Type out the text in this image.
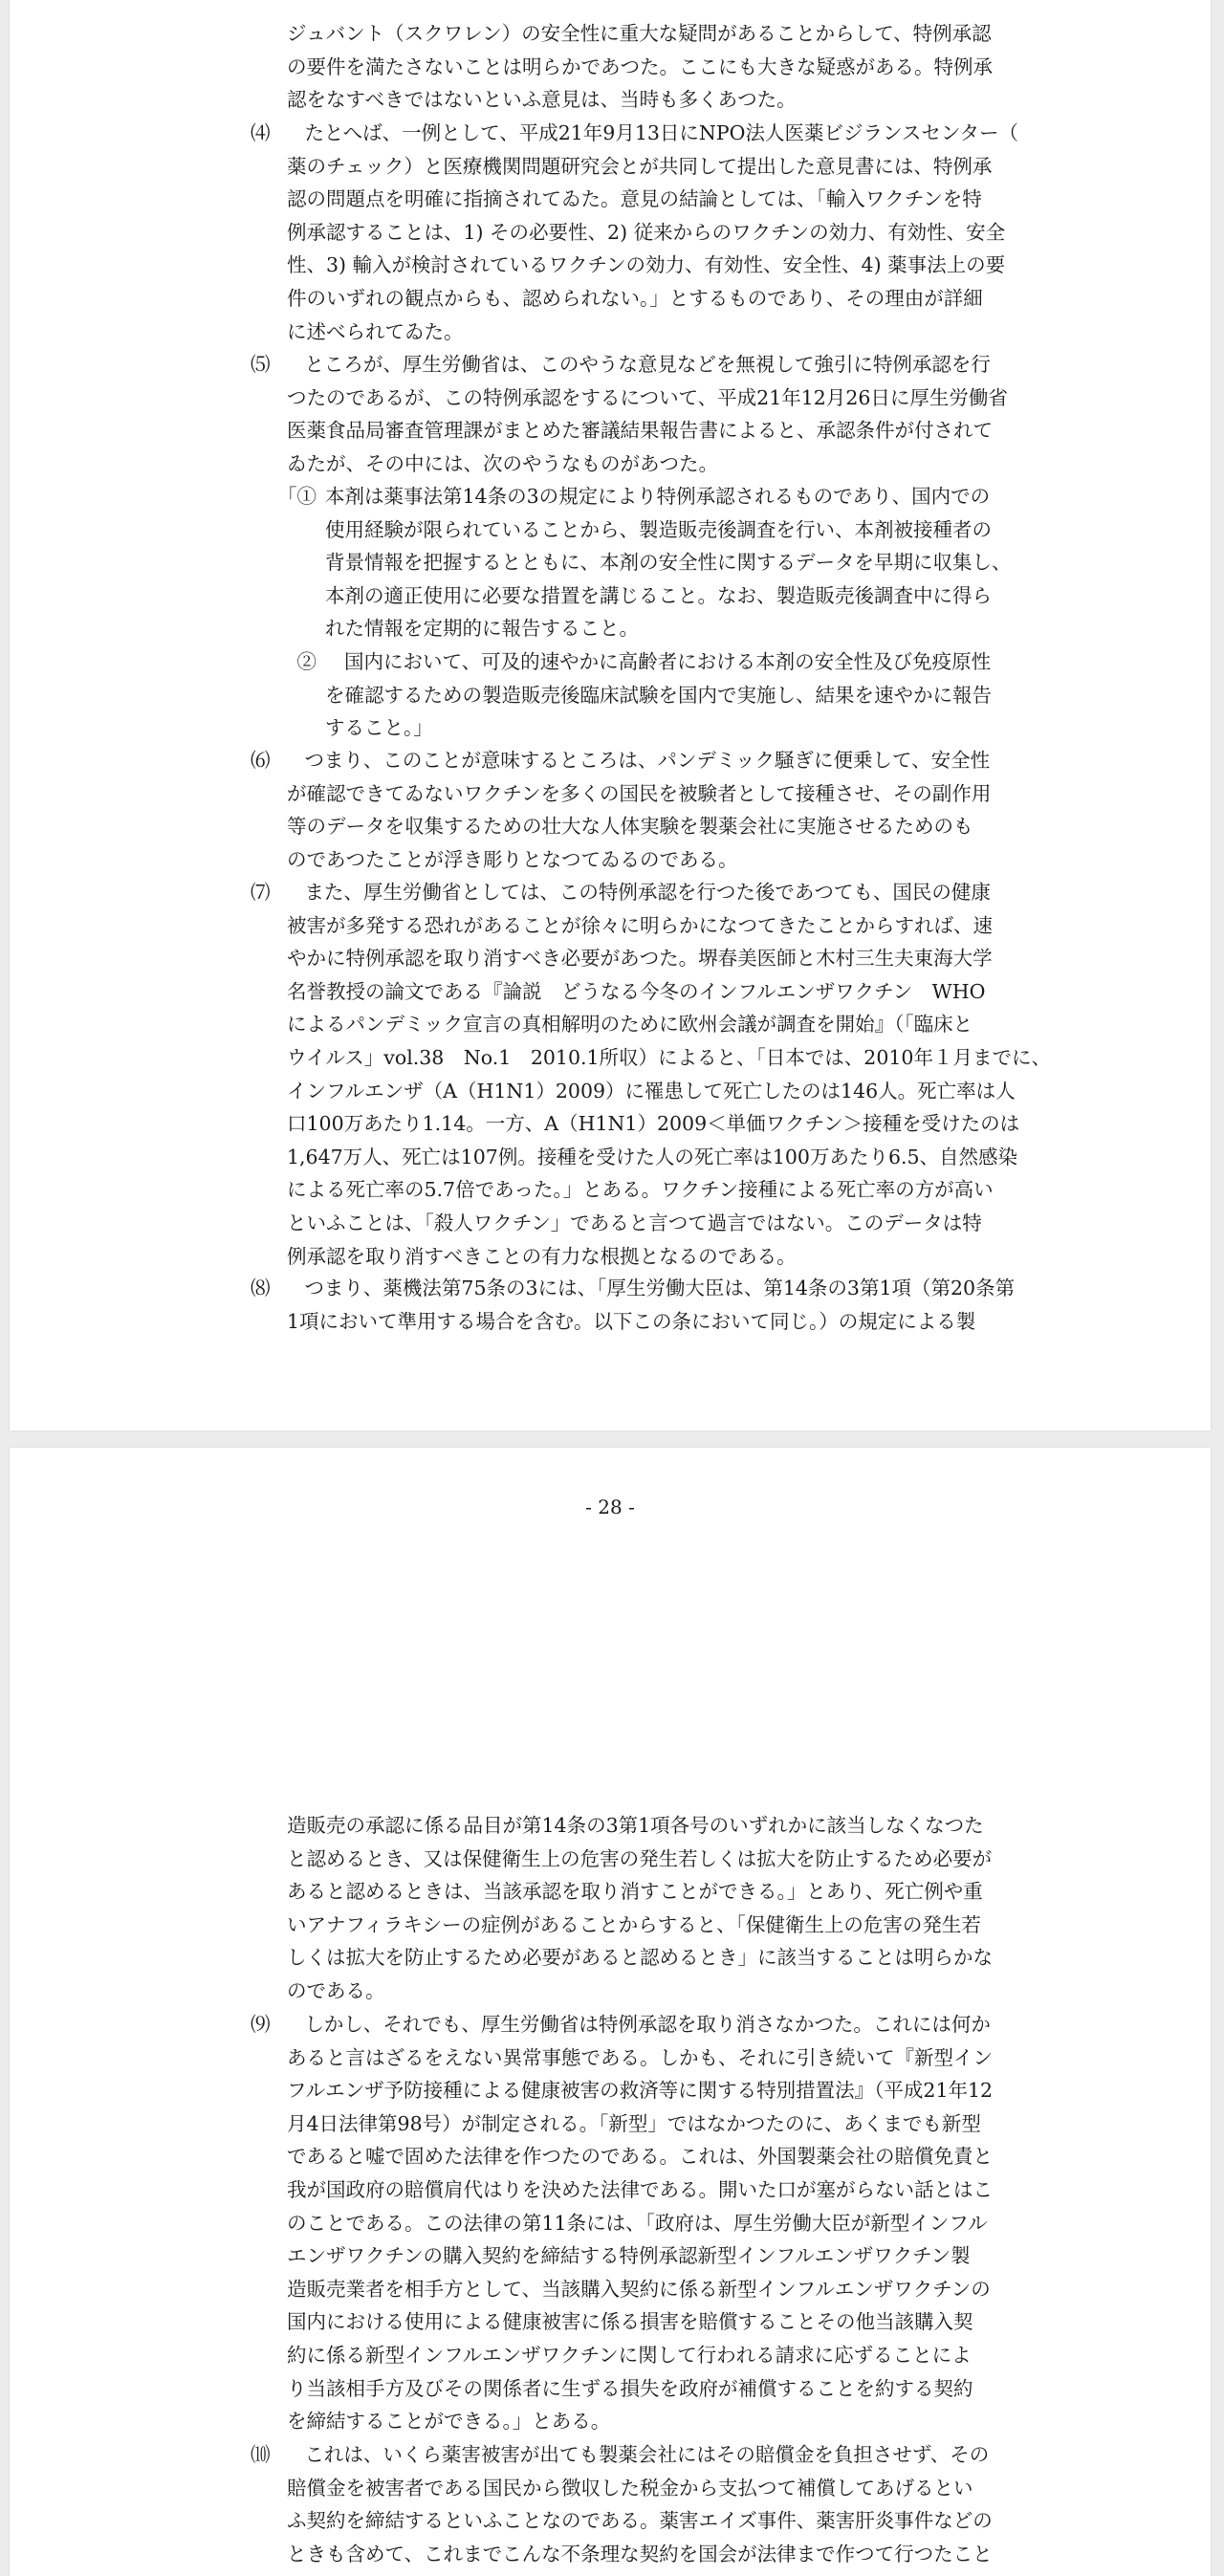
ジュバント（スクワレン）の安全性に重大な疑問があることからして、特例承認
の要件を満たさないことは明らかであつた。ここにも大きな疑惑がある。特例承
認をなすべきではないといふ意見は、当時も多くあつた。
⑷	たとへば、一例として、平成21年9月13日にNPO法人医薬ビジランスセンター（
薬のチェック）と医療機関問題研究会とが共同して提出した意見書には、特例承
認の問題点を明確に指摘されてゐた。意見の結論としては、「輸入ワクチンを特
例承認することは、1) その必要性、2) 従来からのワクチンの効力、有効性、安全
性、3) 輸入が検討されているワクチンの効力、有効性、安全性、4) 薬事法上の要
件のいずれの観点からも、認められない。」とするものであり、その理由が詳細
に述べられてゐた。
⑸	ところが、厚生労働省は、このやうな意見などを無視して強引に特例承認を行
つたのであるが、この特例承認をするについて、平成21年12月26日に厚生労働省
医薬食品局審査管理課がまとめた審議結果報告書によると、承認条件が付されて
ゐたが、その中には、次のやうなものがあつた。
「① 本剤は薬事法第14条の3の規定により特例承認されるものであり、国内での
使用経験が限られていることから、製造販売後調査を行い、本剤被接種者の
背景情報を把握するとともに、本剤の安全性に関するデータを早期に収集し、
本剤の適正使用に必要な措置を講じること。なお、製造販売後調査中に得ら
れた情報を定期的に報告すること。
　②	国内において、可及的速やかに高齢者における本剤の安全性及び免疫原性
を確認するための製造販売後臨床試験を国内で実施し、結果を速やかに報告
すること。」
⑹	つまり、このことが意味するところは、パンデミック騒ぎに便乗して、安全性
が確認できてゐないワクチンを多くの国民を被験者として接種させ、その副作用
等のデータを収集するための壮大な人体実験を製薬会社に実施させるためのも
のであつたことが浮き彫りとなつてゐるのである。
⑺	また、厚生労働省としては、この特例承認を行つた後であつても、国民の健康
被害が多発する恐れがあることが徐々に明らかになつてきたことからすれば、速
やかに特例承認を取り消すべき必要があつた。堺春美医師と木村三生夫東海大学
名誉教授の論文である『論説　どうなる今冬のインフルエンザワクチン　WHO
によるパンデミック宣言の真相解明のために欧州会議が調査を開始』（「臨床と
ウイルス」vol.38　No.1　2010.1所収）によると、「日本では、2010年１月までに、
インフルエンザ（A（H1N1）2009）に罹患して死亡したのは146人。死亡率は人
口100万あたり1.14。一方、A（H1N1）2009＜単価ワクチン＞接種を受けたのは
1,647万人、死亡は107例。接種を受けた人の死亡率は100万あたり6.5、自然感染
による死亡率の5.7倍であった。」とある。ワクチン接種による死亡率の方が高い
といふことは、「殺人ワクチン」であると言つて過言ではない。このデータは特
例承認を取り消すべきことの有力な根拠となるのである。
⑻	つまり、薬機法第75条の3には、「厚生労働大臣は、第14条の3第1項（第20条第
1項において準用する場合を含む。以下この条において同じ。）の規定による製
- 28 -
造販売の承認に係る品目が第14条の3第1項各号のいずれかに該当しなくなつた
と認めるとき、又は保健衛生上の危害の発生若しくは拡大を防止するため必要が
あると認めるときは、当該承認を取り消すことができる。」とあり、死亡例や重
いアナフィラキシーの症例があることからすると、「保健衛生上の危害の発生若
しくは拡大を防止するため必要があると認めるとき」に該当することは明らかな
のである。
⑼	しかし、それでも、厚生労働省は特例承認を取り消さなかつた。これには何か
あると言はざるをえない異常事態である。しかも、それに引き続いて『新型イン
フルエンザ予防接種による健康被害の救済等に関する特別措置法』（平成21年12
月4日法律第98号）が制定される。「新型」ではなかつたのに、あくまでも新型
であると嘘で固めた法律を作つたのである。これは、外国製薬会社の賠償免責と
我が国政府の賠償肩代はりを決めた法律である。開いた口が塞がらない話とはこ
のことである。この法律の第11条には、「政府は、厚生労働大臣が新型インフル
エンザワクチンの購入契約を締結する特例承認新型インフルエンザワクチン製
造販売業者を相手方として、当該購入契約に係る新型インフルエンザワクチンの
国内における使用による健康被害に係る損害を賠償することその他当該購入契
約に係る新型インフルエンザワクチンに関して行われる請求に応ずることによ
り当該相手方及びその関係者に生ずる損失を政府が補償することを約する契約
を締結することができる。」とある。
⑽	これは、いくら薬害被害が出ても製薬会社にはその賠償金を負担させず、その
賠償金を被害者である国民から徴収した税金から支払つて補償してあげるとい
ふ契約を締結するといふことなのである。薬害エイズ事件、薬害肝炎事件などの
ときも含めて、これまでこんな不条理な契約を国会が法律まで作つて行つたこと
